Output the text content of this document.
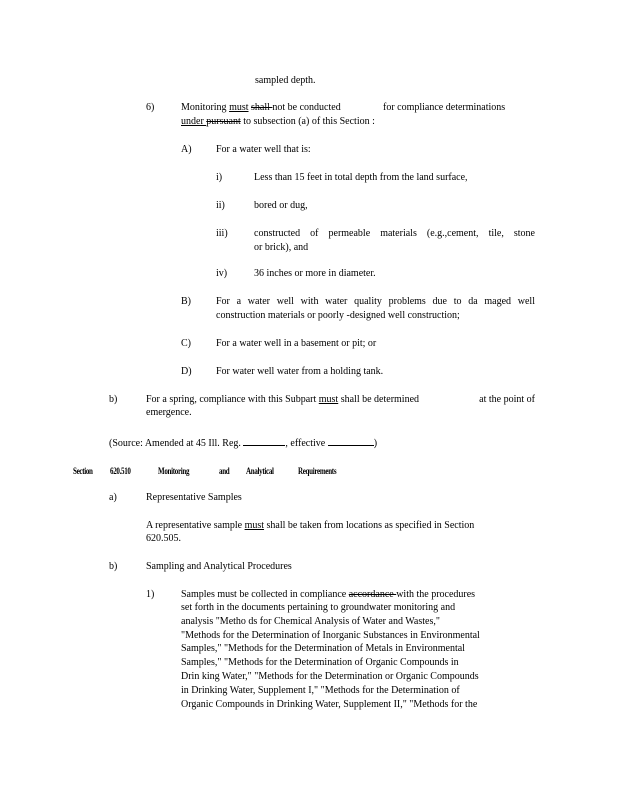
sampled depth.

6)	Monitoring must shall not be conducted	for compliance determinations

under pursuant to subsection (a) of this Section :

A) For a water well that is:

i)	Less than 15 feet in total depth from the land surface,

ii)	bored or dug,

iii)	constructed of permeable materials (e.g.,cement, tile, stone

or brick), and

iv)	36 inches or more in diameter.

B)	For a water well with water quality problems due to da maged well

construction materials or poorly -designed well construction;

C)	For a water well in a basement or pit; or

D) For water well water from a holding tank.

b)	For a spring, compliance with this Subpart must shall be determined	at the point of

emergence.

(Source: Amended at 45 Ill. Reg.	, effective	)

Section 620.510	Monitoring	and Analytical	Requirements

a)	Representative Samples

A representative sample must shall be taken from locations as specified in Section

620.505.

b)	Sampling and Analytical Procedures

1)	Samples must be collected in compliance accordance with the procedures

set forth in the documents pertaining to groundwater monitoring and

analysis "Metho ds for Chemical Analysis of Water and Wastes,"

"Methods for the Determination of Inorganic Substances in Environmental

Samples," "Methods for the Determination of Metals in Environmental

Samples," "Methods for the Determination of Organic Compounds in

Drin king Water," "Methods for the Determination or Organic Compounds

in Drinking Water, Supplement I," "Methods for the Determination of

Organic Compounds in Drinking Water, Supplement II," "Methods for the
